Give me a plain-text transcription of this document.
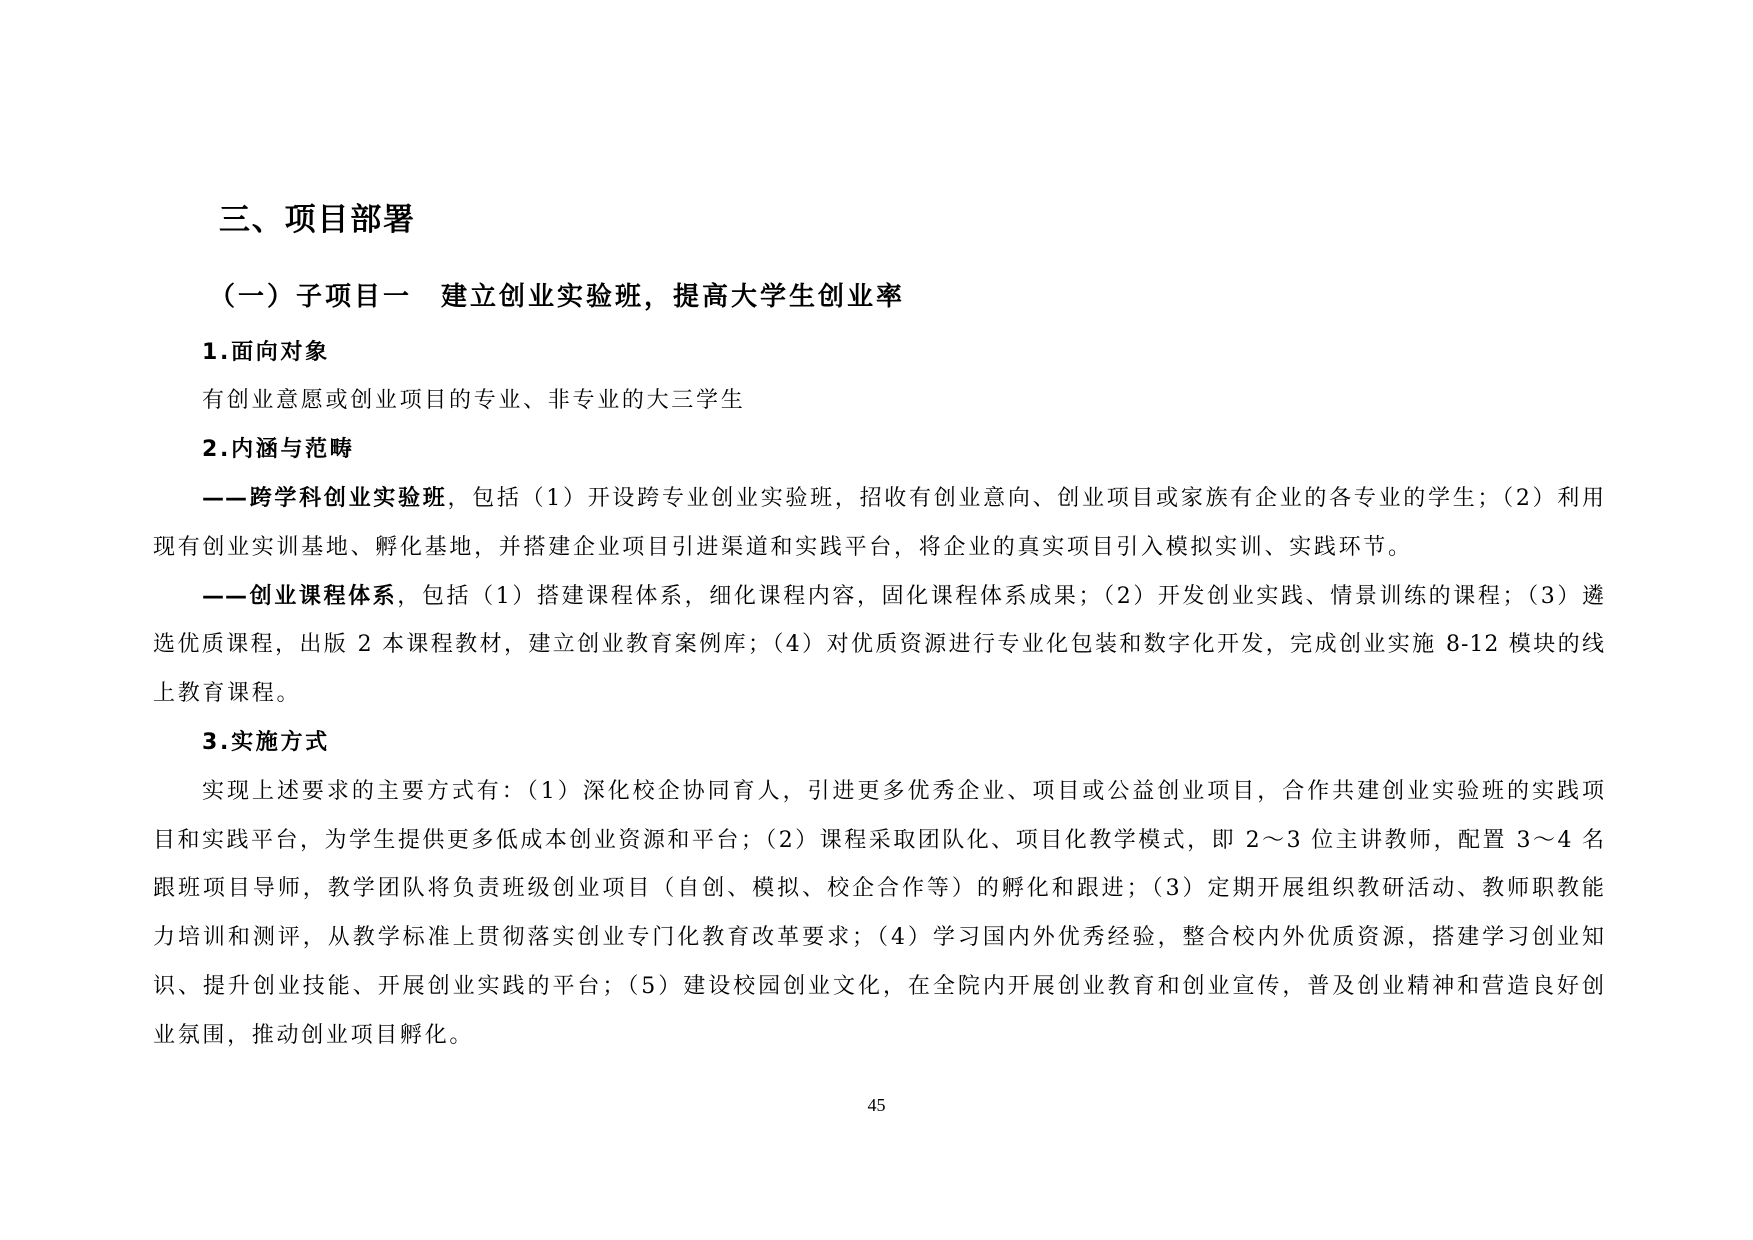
三、项目部署
（一）子项目一　建立创业实验班，提高大学生创业率
1.面向对象
有创业意愿或创业项目的专业、非专业的大三学生
2.内涵与范畴
——跨学科创业实验班，包括（1）开设跨专业创业实验班，招收有创业意向、创业项目或家族有企业的各专业的学生；（2）利用
现有创业实训基地、孵化基地，并搭建企业项目引进渠道和实践平台，将企业的真实项目引入模拟实训、实践环节。
——创业课程体系，包括（1）搭建课程体系，细化课程内容，固化课程体系成果；（2）开发创业实践、情景训练的课程；（3）遴
选优质课程，出版 2 本课程教材，建立创业教育案例库；（4）对优质资源进行专业化包装和数字化开发，完成创业实施 8-12 模块的线
上教育课程。
3.实施方式
实现上述要求的主要方式有：（1）深化校企协同育人，引进更多优秀企业、项目或公益创业项目，合作共建创业实验班的实践项
目和实践平台，为学生提供更多低成本创业资源和平台；（2）课程采取团队化、项目化教学模式，即 2～3 位主讲教师，配置 3～4 名
跟班项目导师，教学团队将负责班级创业项目（自创、模拟、校企合作等）的孵化和跟进；（3）定期开展组织教研活动、教师职教能
力培训和测评，从教学标准上贯彻落实创业专门化教育改革要求；（4）学习国内外优秀经验，整合校内外优质资源，搭建学习创业知
识、提升创业技能、开展创业实践的平台；（5）建设校园创业文化，在全院内开展创业教育和创业宣传，普及创业精神和营造良好创
业氛围，推动创业项目孵化。
45
